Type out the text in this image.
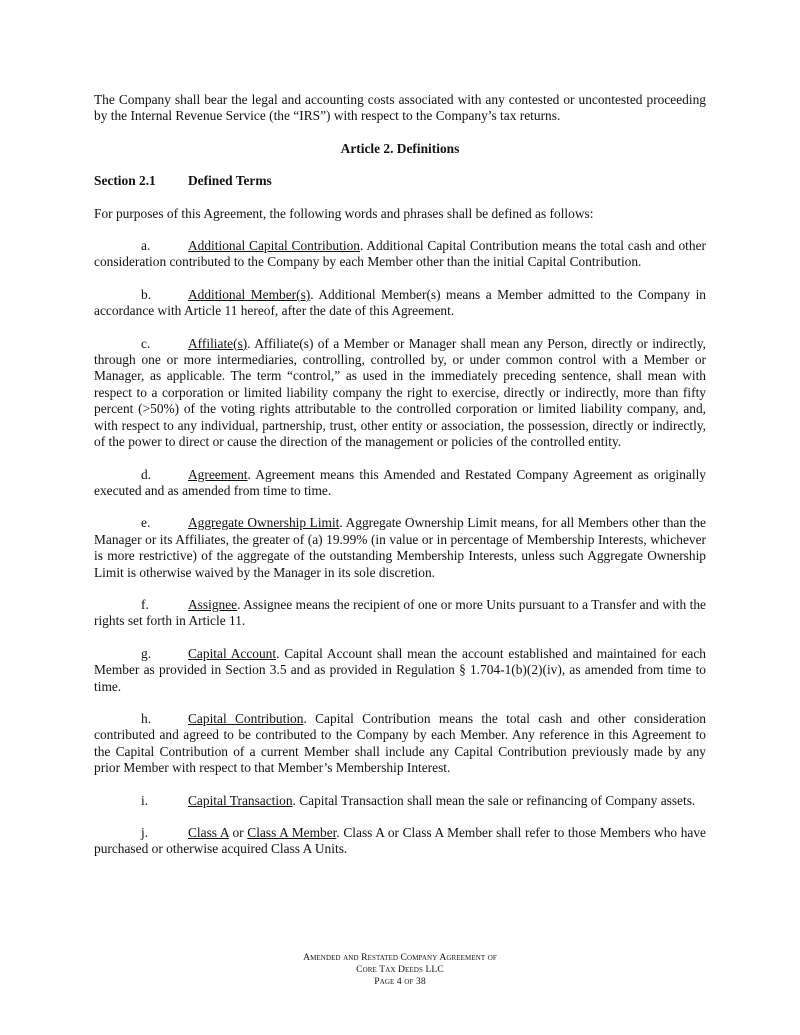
The Company shall bear the legal and accounting costs associated with any contested or uncontested proceeding by the Internal Revenue Service (the “IRS”) with respect to the Company’s tax returns.

Article 2. Definitions
Section 2.1 Defined Terms

For purposes of this Agreement, the following words and phrases shall be defined as follows:

a.	Additional Capital Contribution. Additional Capital Contribution means the total cash and other consideration contributed to the Company by each Member other than the initial Capital Contribution.

b.	Additional Member(s). Additional Member(s) means a Member admitted to the Company in accordance with Article 11 hereof, after the date of this Agreement.

c.	Affiliate(s). Affiliate(s) of a Member or Manager shall mean any Person, directly or indirectly, through one or more intermediaries, controlling, controlled by, or under common control with a Member or Manager, as applicable. The term “control,” as used in the immediately preceding sentence, shall mean with respect to a corporation or limited liability company the right to exercise, directly or indirectly, more than fifty percent (>50%) of the voting rights attributable to the controlled corporation or limited liability company, and, with respect to any individual, partnership, trust, other entity or association, the possession, directly or indirectly, of the power to direct or cause the direction of the management or policies of the controlled entity.

d.	Agreement. Agreement means this Amended and Restated Company Agreement as originally executed and as amended from time to time.

e.	Aggregate Ownership Limit. Aggregate Ownership Limit means, for all Members other than the Manager or its Affiliates, the greater of (a) 19.99% (in value or in percentage of Membership Interests, whichever is more restrictive) of the aggregate of the outstanding Membership Interests, unless such Aggregate Ownership Limit is otherwise waived by the Manager in its sole discretion.

f.	Assignee. Assignee means the recipient of one or more Units pursuant to a Transfer and with the rights set forth in Article 11.

g.	Capital Account. Capital Account shall mean the account established and maintained for each Member as provided in Section 3.5 and as provided in Regulation § 1.704-1(b)(2)(iv), as amended from time to time.

h.	Capital Contribution. Capital Contribution means the total cash and other consideration contributed and agreed to be contributed to the Company by each Member. Any reference in this Agreement to the Capital Contribution of a current Member shall include any Capital Contribution previously made by any prior Member with respect to that Member’s Membership Interest.

i.	Capital Transaction. Capital Transaction shall mean the sale or refinancing of Company assets.

j.	Class A or Class A Member. Class A or Class A Member shall refer to those Members who have purchased or otherwise acquired Class A Units.

Amended and Restated Company Agreement of
Core Tax Deeds LLC
Page 4 of 38
